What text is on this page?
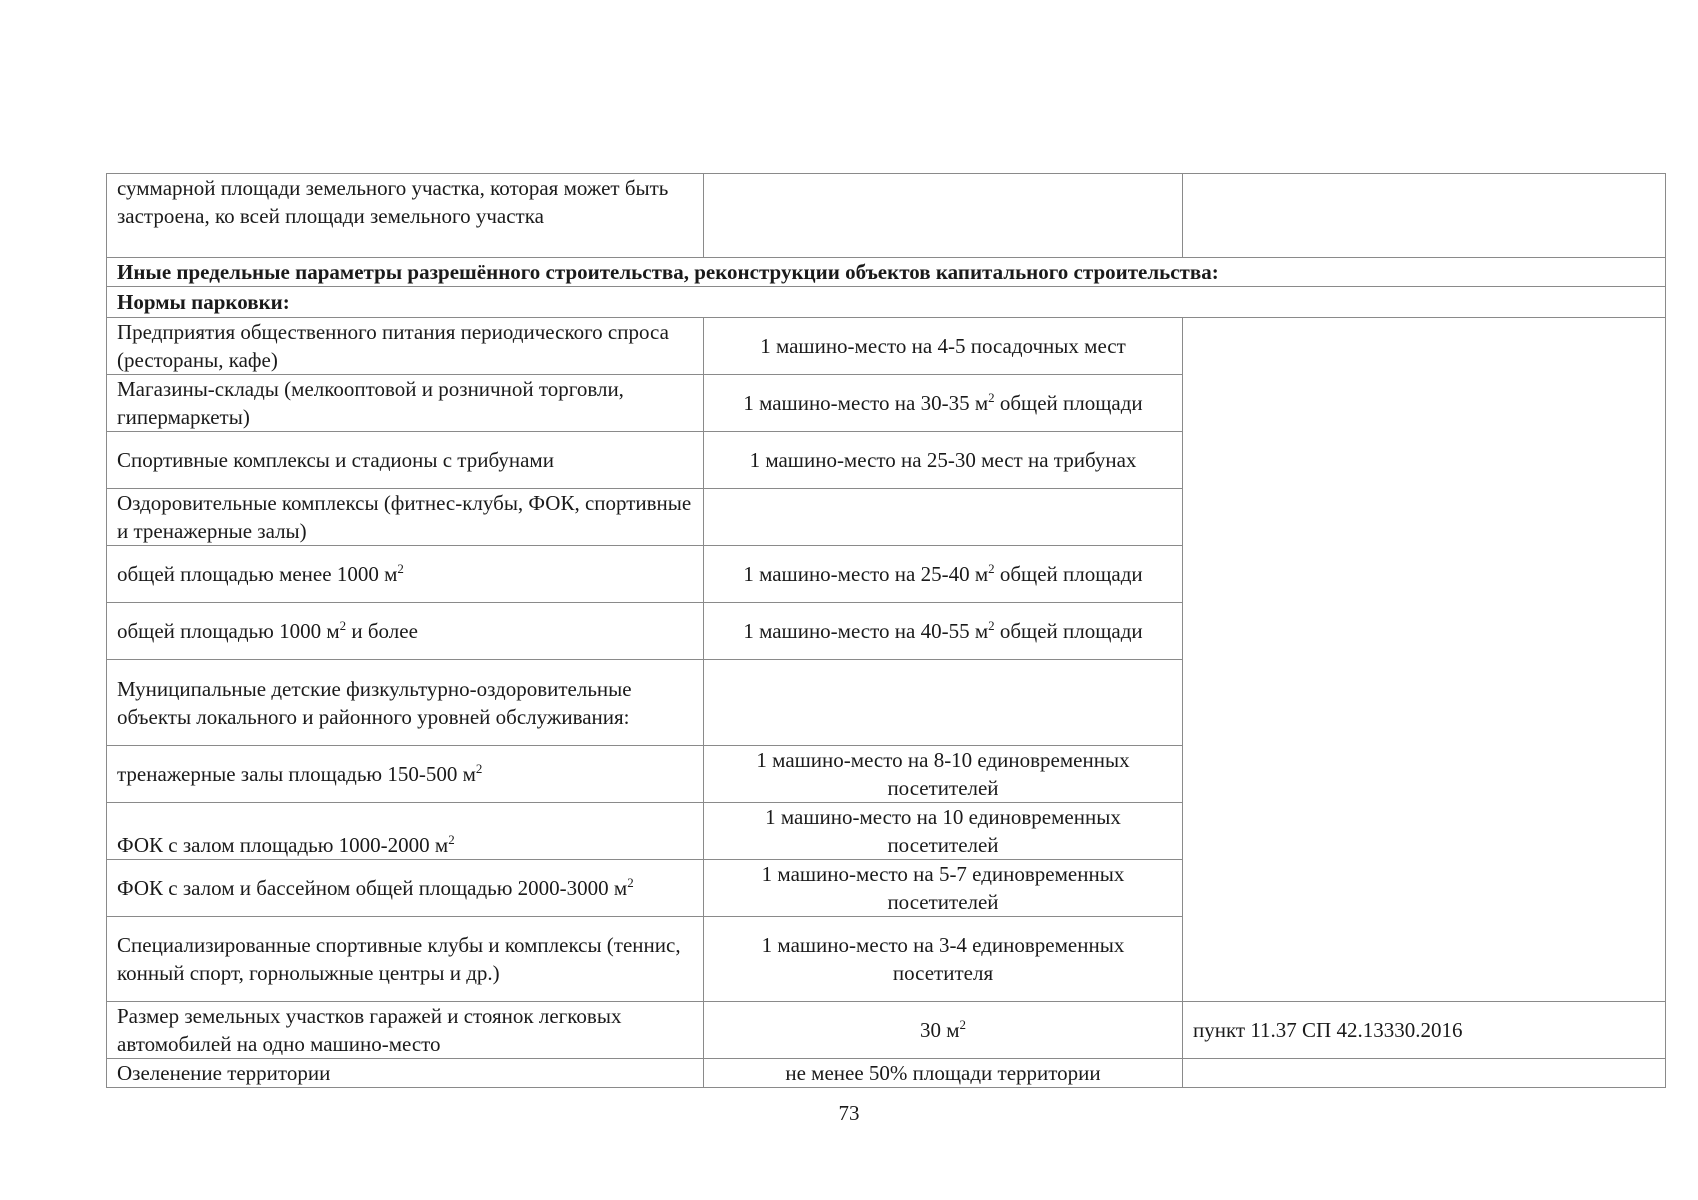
суммарной площади земельного участка, которая может быть застроена, ко всей площади земельного участка		
Иные предельные параметры разрешённого строительства, реконструкции объектов капитального строительства:		
Нормы парковки:		
Предприятия общественного питания периодического спроса (рестораны, кафе)	1 машино-место на 4-5 посадочных мест	
Магазины-склады (мелкооптовой и розничной торговли, гипермаркеты)	1 машино-место на 30-35 $м^2$ общей площади	
Спортивные комплексы и стадионы с трибунами	1 машино-место на 25-30 мест на трибунах	
Оздоровительные комплексы (фитнес-клубы, ФОК, спортивные и тренажерные залы)		
общей площадью менее 1000 $м^2$	1 машино-место на 25-40 $м^2$ общей площади	
общей площадью 1000 $м^2$ и более	1 машино-место на 40-55 $м^2$ общей площади	
Муниципальные детские физкультурно-оздоровительные объекты локального и районного уровней обслуживания:		
тренажерные залы площадью 150-500 $м^2$	1 машино-место на 8-10 единовременных посетителей	
ФОК с залом площадью 1000-2000 $м^2$	1 машино-место на 10 единовременных посетителей	
ФОК с залом и бассейном общей площадью 2000-3000 $м^2$	1 машино-место на 5-7 единовременных посетителей	
Специализированные спортивные клубы и комплексы (теннис, конный спорт, горнолыжные центры и др.)	1 машино-место на 3-4 единовременных посетителя	
Размер земельных участков гаражей и стоянок легковых автомобилей на одно машино-место	30 $м^2$	пункт 11.37 СП 42.13330.2016
Озеленение территории	не менее 50% площади территории	
73
